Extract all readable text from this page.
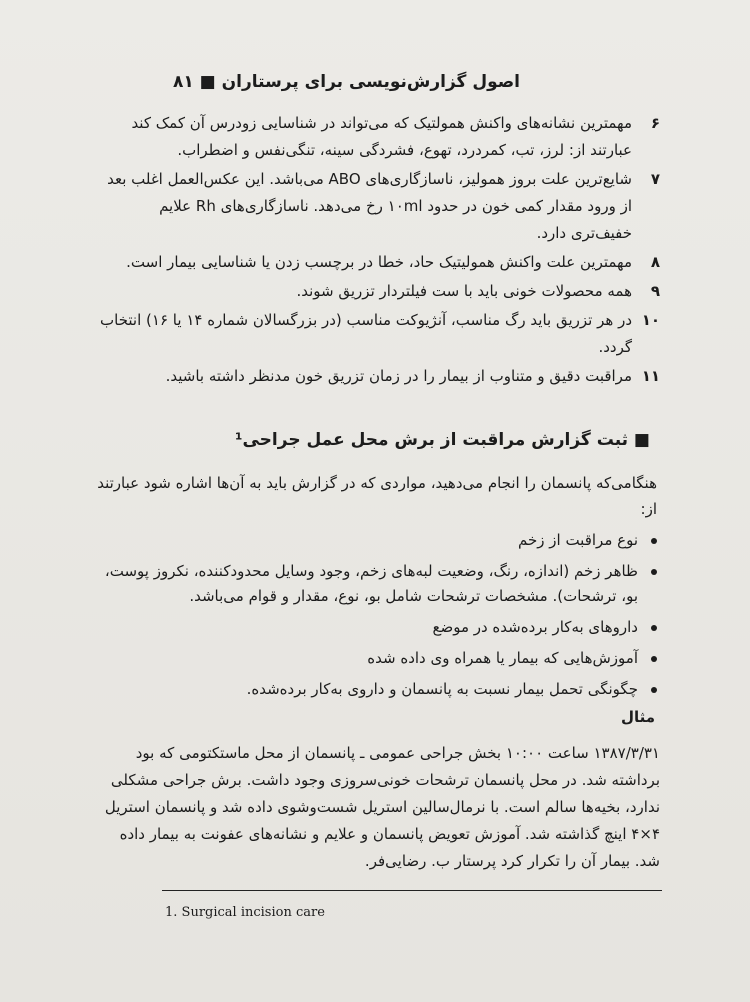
اصول گزارش‌نویسی برای پرستاران ■ ۸۱
۶
مهمترین نشانه‌های واکنش همولتیک که می‌تواند در شناسایی زودرس آن کمک کند عبارتند از: لرز، تب، کمردرد، تهوع، فشردگی سینه، تنگی‌نفس و اضطراب.
۷
شایع‌ترین علت بروز همولیز، ناسازگاری‌های ABO می‌باشد. این عکس‌العمل اغلب بعد از ورود مقدار کمی خون در حدود ۱۰ml رخ می‌دهد. ناسازگاری‌های Rh علایم خفیف‌تری دارد.
۸
مهمترین علت واکنش همولیتیک حاد، خطا در برچسب زدن یا شناسایی بیمار است.
۹
همه محصولات خونی باید با ست فیلتردار تزریق شوند.
۱۰
در هر تزریق باید رگ مناسب، آنژیوکت مناسب (در بزرگسالان شماره ۱۴ یا ۱۶) انتخاب گردد.
۱۱
مراقبت دقیق و متناوب از بیمار را در زمان تزریق خون مدنظر داشته باشید.
■ ثبت گزارش مراقبت از برش محل عمل جراحی¹
هنگامی‌که پانسمان را انجام می‌دهید، مواردی که در گزارش باید به آن‌ها اشاره شود عبارتند از:
نوع مراقبت از زخم
ظاهر زخم (اندازه، رنگ، وضعیت لبه‌های زخم، وجود وسایل محدودکننده، نکروز پوست، بو، ترشحات). مشخصات ترشحات شامل بو، نوع، مقدار و قوام می‌باشد.
داروهای به‌کار برده‌شده در موضع
آموزش‌هایی که بیمار یا همراه وی داده شده
چگونگی تحمل بیمار نسبت به پانسمان و داروی به‌کار برده‌شده.
مثال
۱۳۸۷/۳/۳۱ ساعت ۱۰:۰۰ بخش جراحی عمومی ـ پانسمان از محل ماستکتومی که بود برداشته شد. در محل پانسمان ترشحات خونی‌سروزی وجود داشت. برش جراحی مشکلی ندارد، بخیه‌ها سالم است. با نرمال‌سالین استریل شست‌وشوی داده شد و پانسمان استریل ۴×۴ اینچ گذاشته شد. آموزش تعویض پانسمان و علایم و نشانه‌های عفونت به بیمار داده شد. بیمار آن را تکرار کرد پرستار ب. رضایی‌فر.
1. Surgical incision care
